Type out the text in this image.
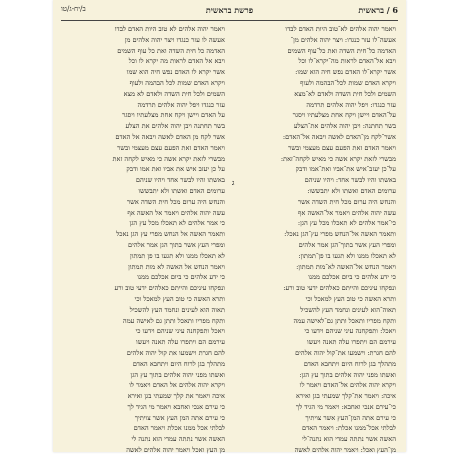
6 / בראשית
פרשת בראשית
ב/יח-ג/טו
ויאמר יהוה אלהים לא־טוב היות האדם לבדו
אעשה־לו עזר כנגדו: ויצר יהוה אלהים מן־
האדמה כל־חית השדה ואת כל־עוף השמים
ויבא אל־האדם לראות מה־יקרא־לו וכל
אשר יקרא־לו האדם נפש חיה הוא שמו:
ויקרא האדם שמות לכל־הבהמה ולעוף
השמים ולכל חית השדה ולאדם לא־מצא
עזר כנגדו: ויפל יהוה אלהים תרדמה
על־האדם ויישן ויקח אחת מצלעתיו ויסגר
בשר תחתנה: ויבן יהוה אלהים את־הצלע
אשר־לקח מן־האדם לאשה ויבאה אל־האדם:
ויאמר האדם זאת הפעם עצם מעצמי ובשר
מבשרי לזאת יקרא אשה כי מאיש לקחה־זאת:
על־כן יעזב־איש את־אביו ואת־אמו ודבק
באשתו והיו לבשר אחד: ויהיו שניהם
ערומים האדם ואשתו ולא יתבששו:
והנחש היה ערום מכל חית השדה אשר
עשה יהוה אלהים ויאמר אל־האשה אף
כי־אמר אלהים לא תאכלו מכל עץ הגן:
ותאמר האשה אל־הנחש מפרי עץ־הגן נאכל:
ומפרי העץ אשר בתוך־הגן אמר אלהים
לא תאכלו ממנו ולא תגעו בו פן־תמתון:
ויאמר הנחש אל־האשה לא־מות תמתון:
כי ידע אלהים כי ביום אכלכם ממנו
ונפקחו עיניכם והייתם כאלהים ידעי טוב ורע:
ותרא האשה כי טוב העץ למאכל וכי
תאוה־הוא לעינים ונחמד העץ להשכיל
ותקח מפריו ותאכל ותתן גם־לאישה עמה
ויאכל: ותפקחנה עיני שניהם וידעו כי
עירמם הם ויתפרו עלה תאנה ויעשו
להם חגרת: וישמעו את־קול יהוה אלהים
מתהלך בגן לרוח היום ויתחבא האדם
ואשתו מפני יהוה אלהים בתוך עץ הגן:
ויקרא יהוה אלהים אל־האדם ויאמר לו
איכה: ויאמר את־קלך שמעתי בגן ואירא
כי־עירם אנכי ואחבא: ויאמר מי הגיד לך
כי עירם אתה המן־העץ אשר צויתיך
לבלתי אכל־ממנו אכלת: ויאמר האדם
האשה אשר נתתה עמדי הוא נתנה־לי
מן־העץ ואכל: ויאמר יהוה אלהים לאשה
ויאמר יהוה אלהים לא טוב היות האדם לבדו
אעשה לו עזר כנגדו ויצר יהוה אלהים מן
האדמה כל חית השדה ואת כל עוף השמים
ויבא אל האדם לראות מה יקרא לו וכל
אשר יקרא לו האדם נפש חיה הוא שמו
ויקרא האדם שמות לכל הבהמה ולעוף
השמים ולכל חית השדה ולאדם לא מצא
עזר כנגדו ויפל יהוה אלהים תרדמה
על האדם ויישן ויקח אחת מצלעתיו ויסגר
בשר תחתנה ויבן יהוה אלהים את הצלע
אשר לקח מן האדם לאשה ויבאה אל האדם
ויאמר האדם זאת הפעם עצם מעצמי ובשר
מבשרי לזאת יקרא אשה כי מאיש לקחה זאת
על כן יעזב איש את אביו ואת אמו ודבק
באשתו והיו לבשר אחד ויהיו שניהם
ערומים האדם ואשתו ולא יתבששו
והנחש היה ערום מכל חית השדה אשר
עשה יהוה אלהים ויאמר אל האשה אף
כי אמר אלהים לא תאכלו מכל עץ הגן
ותאמר האשה אל הנחש מפרי עץ הגן נאכל
ומפרי העץ אשר בתוך הגן אמר אלהים
לא תאכלו ממנו ולא תגעו בו פן תמתון
ויאמר הנחש אל האשה לא מות תמתון
כי ידע אלהים כי ביום אכלכם ממנו
ונפקחו עיניכם והייתם כאלהים ידעי טוב ורע
ותרא האשה כי טוב העץ למאכל וכי
תאוה הוא לעינים ונחמד העץ להשכיל
ותקח מפריו ותאכל ותתן גם לאישה עמה
ויאכל ותפקחנה עיני שניהם וידעו כי
עירמם הם ויתפרו עלה תאנה ויעשו
להם חגרת וישמעו את קול יהוה אלהים
מתהלך בגן לרוח היום ויתחבא האדם
ואשתו מפני יהוה אלהים בתוך עץ הגן
ויקרא יהוה אלהים אל האדם ויאמר לו
איכה ויאמר את קלך שמעתי בגן ואירא
כי עירם אנכי ואחבא ויאמר מי הגיד לך
כי עירם אתה המן העץ אשר צויתיך
לבלתי אכל ממנו אכלת ויאמר האדם
האשה אשר נתתה עמדי הוא נתנה לי
מן העץ ואכל ויאמר יהוה אלהים לאשה
ג
